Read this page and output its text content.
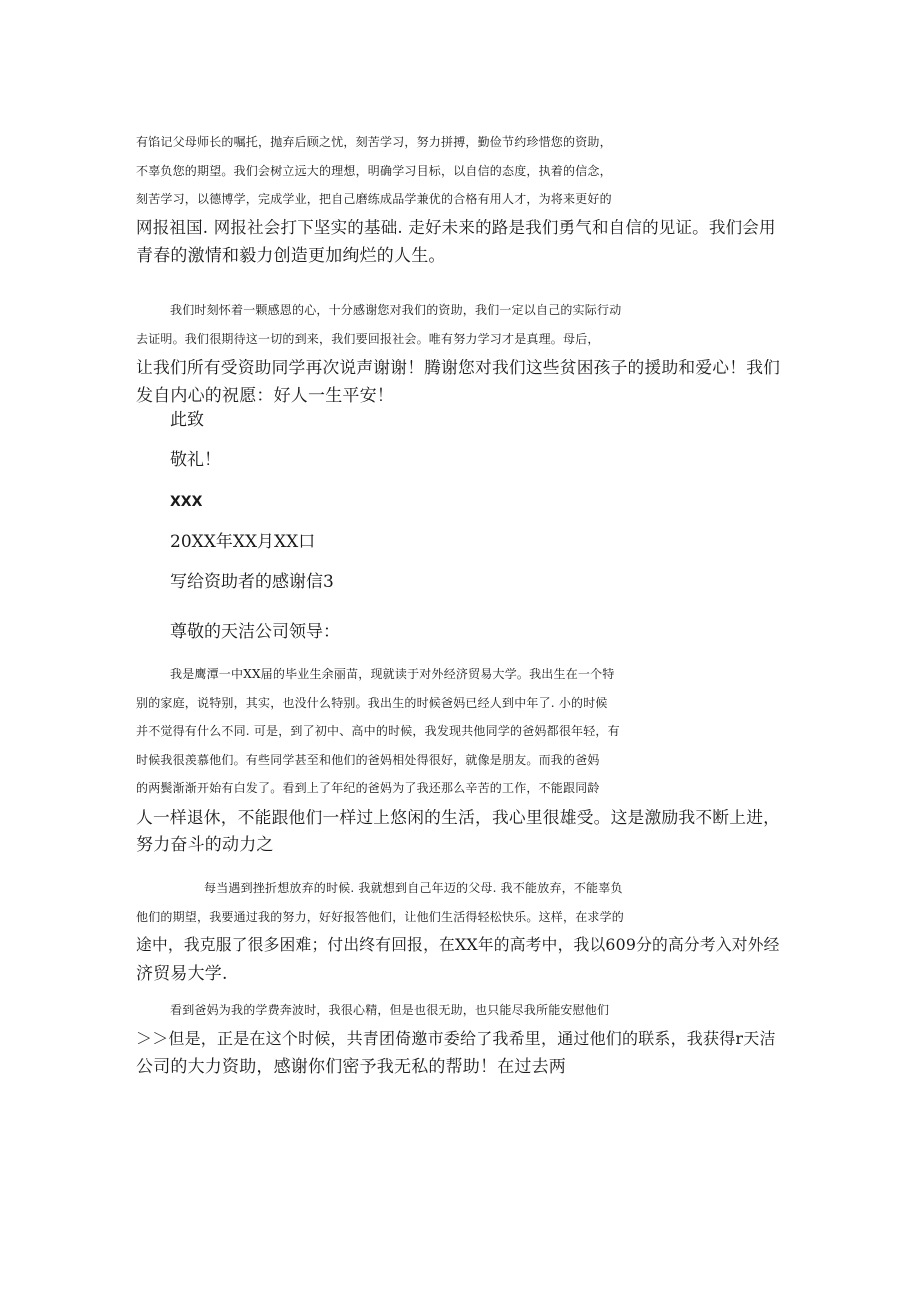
有馅记父母师长的嘱托，抛弃后顾之忧，刻苦学习，努力拼搏，勤俭节约珍惜您的资助，
不辜负您的期望。我们会树立远大的理想，明确学习目标，以自信的态度，执着的信念，
刻苦学习，以德博学，完成学业，把自己磨练成品学兼优的合格有用人才，为将来更好的
网报祖国. 网报社会打下坚实的基础. 走好未来的路是我们勇气和自信的见证。我们会用
青春的激情和毅力创造更加绚烂的人生。
我们时刻怀着一颗感恩的心，十分感谢您对我们的资助，我们一定以自己的实际行动
去证明。我们很期待这一切的到来，我们要回报社会。唯有努力学习才是真理。母后，
让我们所有受资助同学再次说声谢谢！腾谢您对我们这些贫困孩子的援助和爱心！我们
发自内心的祝愿：好人一生平安！
此致
敬礼！
XXX
20XX年XX月XX口
写给资助者的感谢信3
尊敬的天洁公司领导：
我是鹰潭一中XX届的毕业生余丽苗，现就读于对外经济贸易大学。我出生在一个特
别的家庭，说特别，其实，也没什么特别。我出生的时候爸妈已经人到中年了. 小的时候
并不觉得有什么不同. 可是，到了初中、高中的时候，我发现共他同学的爸妈都很年轻，有
时候我很羡慕他们。有些同学甚至和他们的爸妈相处得很好，就像是朋友。而我的爸妈
的两鬓渐渐开始有白发了。看到上了年纪的爸妈为了我还那么辛苦的工作，不能跟同龄
人一样退休，不能跟他们一样过上悠闲的生活，我心里很雄受。这是激励我不断上进，
努力奋斗的动力之
每当遇到挫折想放弃的时候. 我就想到自己年迈的父母. 我不能放弃，不能辜负
他们的期望，我要通过我的努力，好好报答他们，让他们生活得轻松快乐。这样，在求学的
途中，我克服了很多困难；付出终有回报，在XX年的高考中，我以609分的高分考入对外经
济贸易大学.
看到爸妈为我的学费奔波时，我很心精，但是也很无助，也只能尽我所能安慰他们
＞＞但是，正是在这个时候，共青团倚邀市委给了我希里，通过他们的联系，我获得r天洁
公司的大力资助，感谢你们密予我无私的帮助！在过去两
